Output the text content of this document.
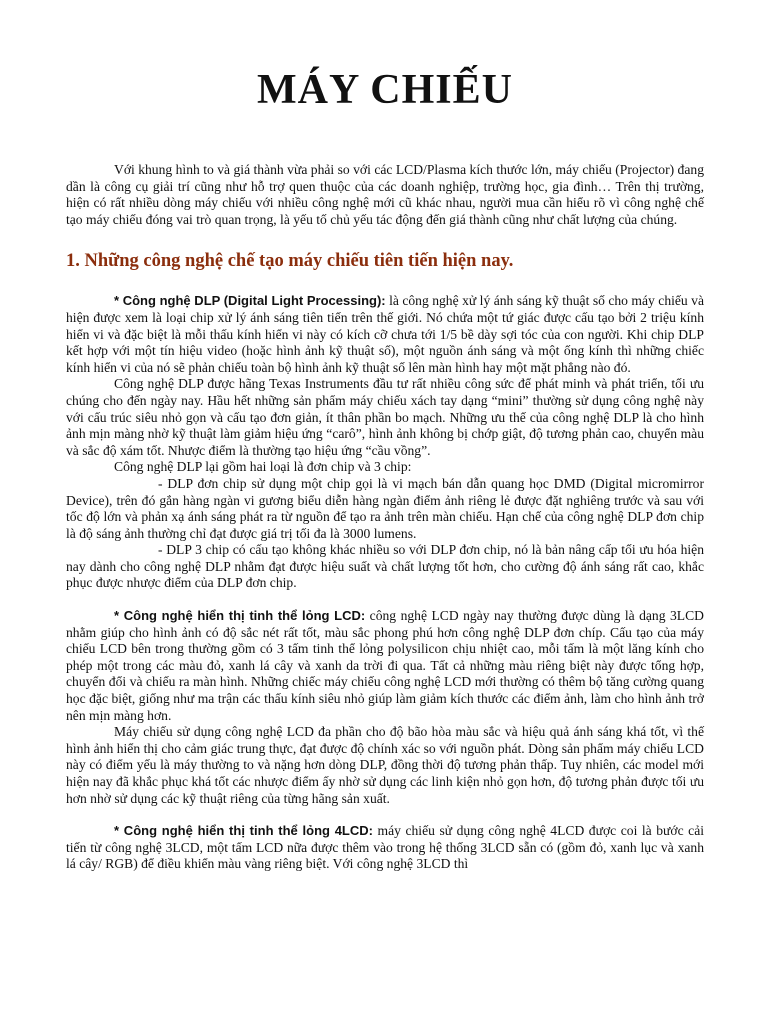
MÁY CHIẾU

Với khung hình to và giá thành vừa phải so với các LCD/Plasma kích thước lớn, máy chiếu (Projector) đang dần là công cụ giải trí cũng như hỗ trợ quen thuộc của các doanh nghiệp, trường học, gia đình… Trên thị trường, hiện có rất nhiều dòng máy chiếu với nhiều công nghệ mới cũ khác nhau, người mua cần hiểu rõ vì công nghệ chế tạo máy chiếu đóng vai trò quan trọng, là yếu tố chủ yếu tác động đến giá thành cũng như chất lượng của chúng.

1. Những công nghệ chế tạo máy chiếu tiên tiến hiện nay.

* Công nghệ DLP (Digital Light Processing): là công nghệ xử lý ánh sáng kỹ thuật số cho máy chiếu và hiện được xem là loại chip xử lý ánh sáng tiên tiến trên thế giới. Nó chứa một tứ giác được cấu tạo bởi 2 triệu kính hiển vi và đặc biệt là mỗi thấu kính hiển vi này có kích cỡ chưa tới 1/5 bề dày sợi tóc của con người. Khi chip DLP kết hợp với một tín hiệu video (hoặc hình ảnh kỹ thuật số), một nguồn ánh sáng và một ống kính thì những chiếc kính hiển vi của nó sẽ phản chiếu toàn bộ hình ảnh kỹ thuật số lên màn hình hay một mặt phẳng nào đó.

Công nghệ DLP được hãng Texas Instruments đầu tư rất nhiều công sức để phát minh và phát triển, tối ưu chúng cho đến ngày nay. Hầu hết những sản phẩm máy chiếu xách tay dạng “mini” thường sử dụng công nghệ này với cấu trúc siêu nhỏ gọn và cấu tạo đơn giản, ít thân phần bo mạch. Những ưu thế của công nghệ DLP là cho hình ảnh mịn màng nhờ kỹ thuật làm giảm hiệu ứng “carô”, hình ảnh không bị chớp giật, độ tương phản cao, chuyển màu và sắc độ xám tốt. Nhược điểm là thường tạo hiệu ứng “cầu vồng”.

Công nghệ DLP lại gồm hai loại là đơn chip và 3 chip:

- DLP đơn chip sử dụng một chip gọi là vi mạch bán dẫn quang học DMD (Digital micromirror Device), trên đó gắn hàng ngàn vi gương biểu diễn hàng ngàn điểm ảnh riêng lẻ được đặt nghiêng trước và sau với tốc độ lớn và phản xạ ánh sáng phát ra từ nguồn để tạo ra ảnh trên màn chiếu. Hạn chế của công nghệ DLP đơn chip là độ sáng ảnh thường chỉ đạt được giá trị tối đa là 3000 lumens.

- DLP 3 chip có cấu tạo không khác nhiều so với DLP đơn chip, nó là bản nâng cấp tối ưu hóa hiện nay dành cho công nghệ DLP nhằm đạt được hiệu suất và chất lượng tốt hơn, cho cường độ ánh sáng rất cao, khắc phục được nhược điểm của DLP đơn chip.

* Công nghệ hiển thị tinh thể lỏng LCD: công nghệ LCD ngày nay thường được dùng là dạng 3LCD nhằm giúp cho hình ảnh có độ sắc nét rất tốt, màu sắc phong phú hơn công nghệ DLP đơn chíp. Cấu tạo của máy chiếu LCD bên trong thường gồm có 3 tấm tinh thể lỏng polysilicon chịu nhiệt cao, mỗi tấm là một lăng kính cho phép một trong các màu đỏ, xanh lá cây và xanh da trời đi qua. Tất cả những màu riêng biệt này được tổng hợp, chuyển đổi và chiếu ra màn hình. Những chiếc máy chiếu công nghệ LCD mới thường có thêm bộ tăng cường quang học đặc biệt, giống như ma trận các thấu kính siêu nhỏ giúp làm giảm kích thước các điểm ảnh, làm cho hình ảnh trở nên mịn màng hơn.

Máy chiếu sử dụng công nghệ LCD đa phần cho độ bão hòa màu sắc và hiệu quả ánh sáng khá tốt, vì thế hình ảnh hiển thị cho cảm giác trung thực, đạt được độ chính xác so với nguồn phát. Dòng sản phẩm máy chiếu LCD này có điểm yếu là máy thường to và nặng hơn dòng DLP, đồng thời độ tương phản thấp. Tuy nhiên, các model mới hiện nay đã khắc phục khá tốt các nhược điểm ấy nhờ sử dụng các linh kiện nhỏ gọn hơn, độ tương phản được tối ưu hơn nhờ sử dụng các kỹ thuật riêng của từng hãng sản xuất.

* Công nghệ hiển thị tinh thể lỏng 4LCD: máy chiếu sử dụng công nghệ 4LCD được coi là bước cải tiến từ công nghệ 3LCD, một tấm LCD nữa được thêm vào trong hệ thống 3LCD sẵn có (gồm đỏ, xanh lục và xanh lá cây/ RGB) để điều khiển màu vàng riêng biệt. Với công nghệ 3LCD thì
